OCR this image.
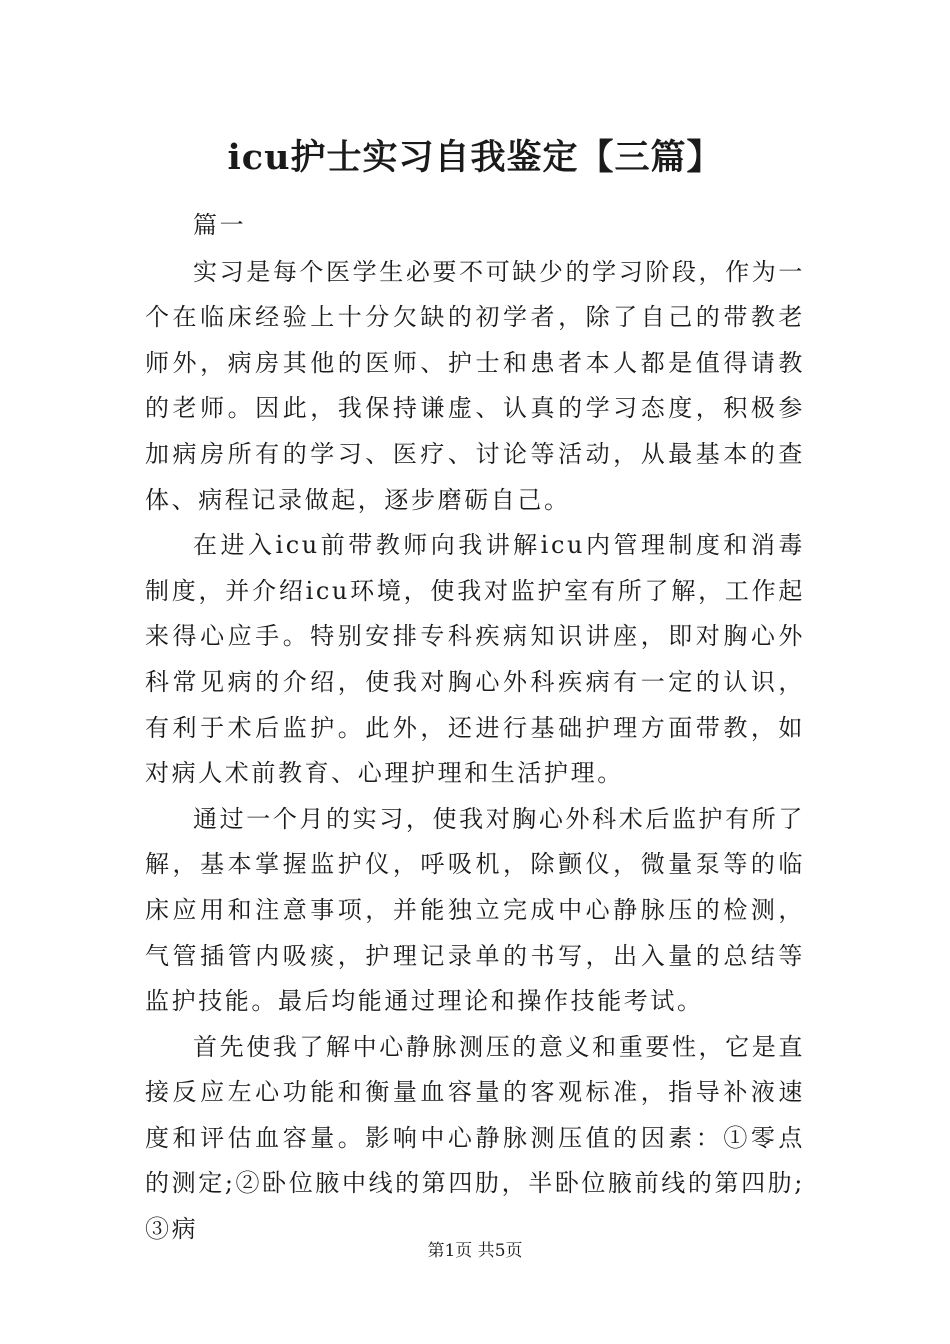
icu护士实习自我鉴定【三篇】

篇一

实习是每个医学生必要不可缺少的学习阶段，作为一个在临床经验上十分欠缺的初学者，除了自己的带教老师外，病房其他的医师、护士和患者本人都是值得请教的老师。因此，我保持谦虚、认真的学习态度，积极参加病房所有的学习、医疗、讨论等活动，从最基本的查体、病程记录做起，逐步磨砺自己。

在进入icu前带教师向我讲解icu内管理制度和消毒制度，并介绍icu环境，使我对监护室有所了解，工作起来得心应手。特别安排专科疾病知识讲座，即对胸心外科常见病的介绍，使我对胸心外科疾病有一定的认识，有利于术后监护。此外，还进行基础护理方面带教，如对病人术前教育、心理护理和生活护理。

通过一个月的实习，使我对胸心外科术后监护有所了解，基本掌握监护仪，呼吸机，除颤仪，微量泵等的临床应用和注意事项，并能独立完成中心静脉压的检测，气管插管内吸痰，护理记录单的书写，出入量的总结等监护技能。最后均能通过理论和操作技能考试。

首先使我了解中心静脉测压的意义和重要性，它是直接反应左心功能和衡量血容量的客观标准，指导补液速度和评估血容量。影响中心静脉测压值的因素：①零点的测定;②卧位腋中线的第四肋，半卧位腋前线的第四肋;③病

第1页 共5页
